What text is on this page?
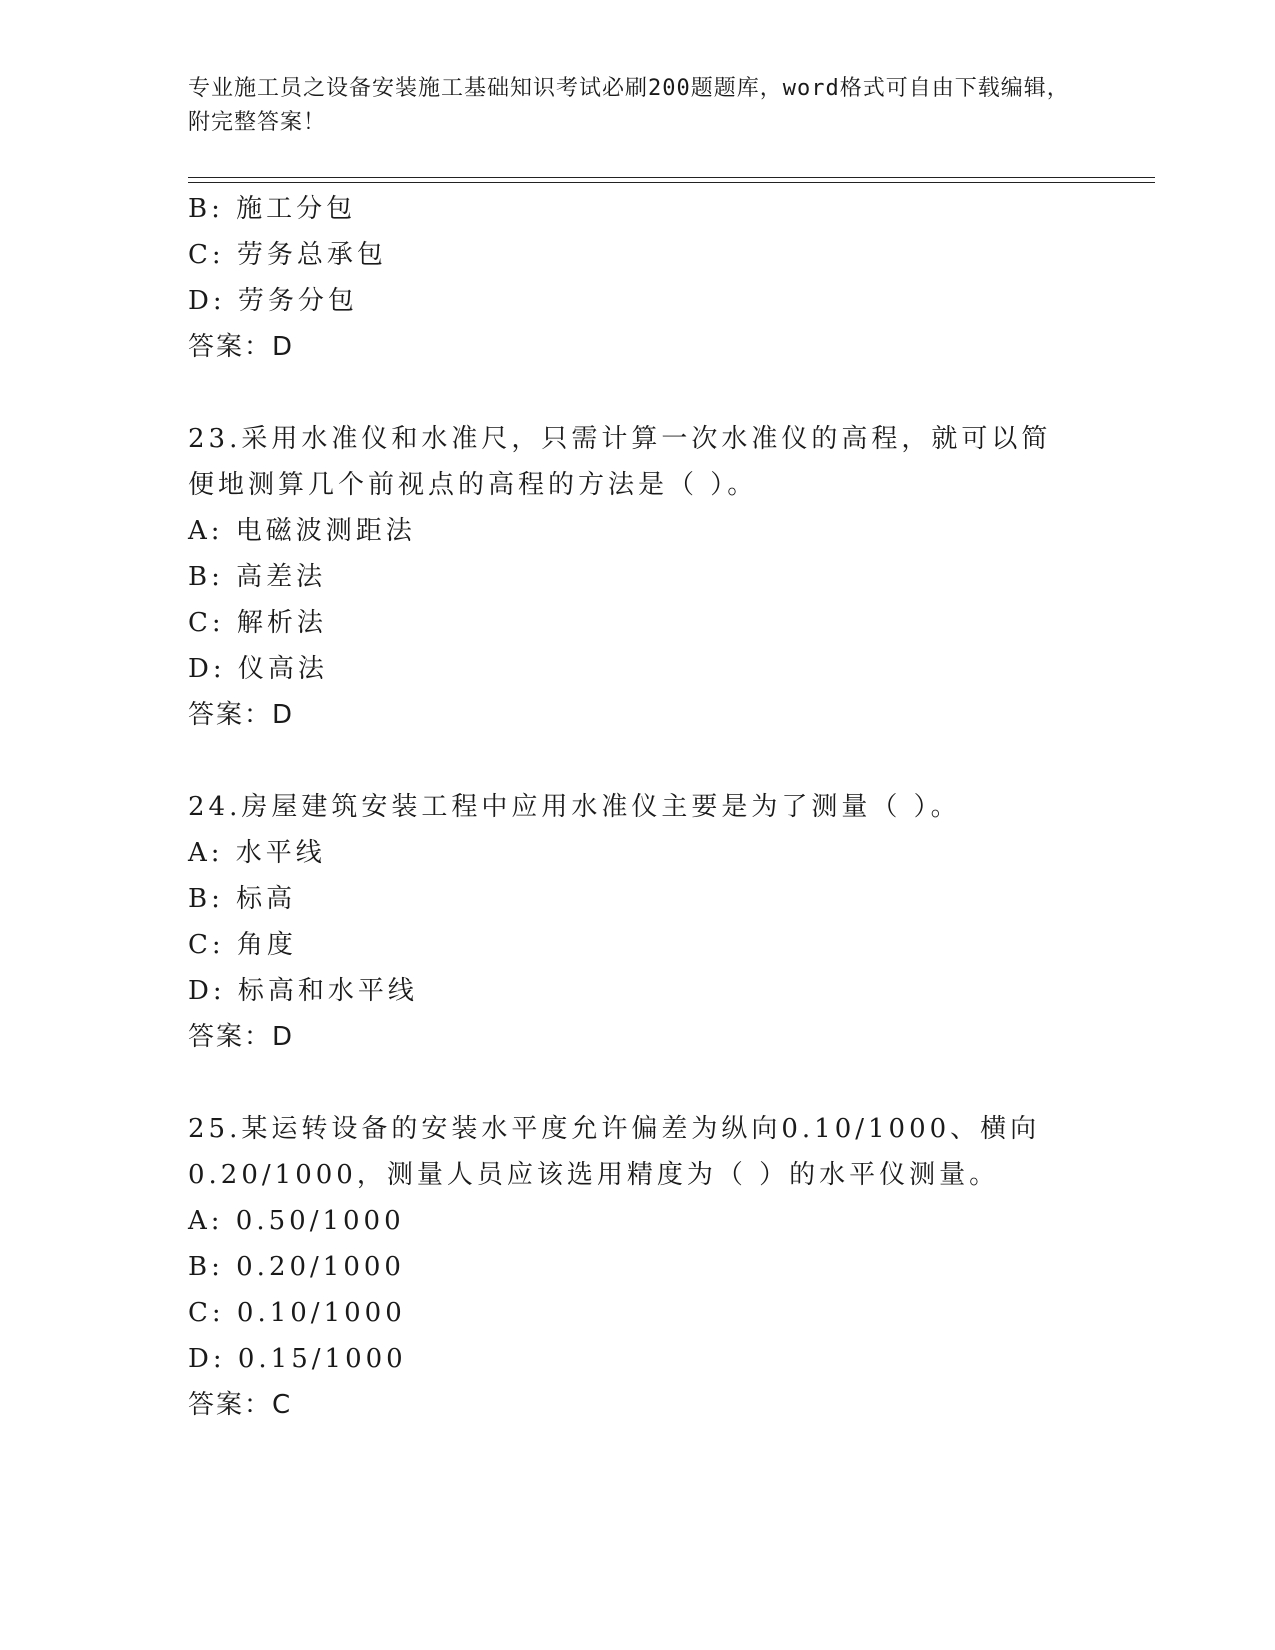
专业施工员之设备安装施工基础知识考试必刷200题题库，word格式可自由下载编辑，附完整答案！
B: 施工分包
C: 劳务总承包
D: 劳务分包
答案：D
23.采用水准仪和水准尺，只需计算一次水准仪的高程，就可以简便地测算几个前视点的高程的方法是（ ）。
A: 电磁波测距法
B: 高差法
C: 解析法
D: 仪高法
答案：D
24.房屋建筑安装工程中应用水准仪主要是为了测量（ ）。
A: 水平线
B: 标高
C: 角度
D: 标高和水平线
答案：D
25.某运转设备的安装水平度允许偏差为纵向0.10/1000、横向0.20/1000，测量人员应该选用精度为（ ）的水平仪测量。
A: 0.50/1000
B: 0.20/1000
C: 0.10/1000
D: 0.15/1000
答案：C
